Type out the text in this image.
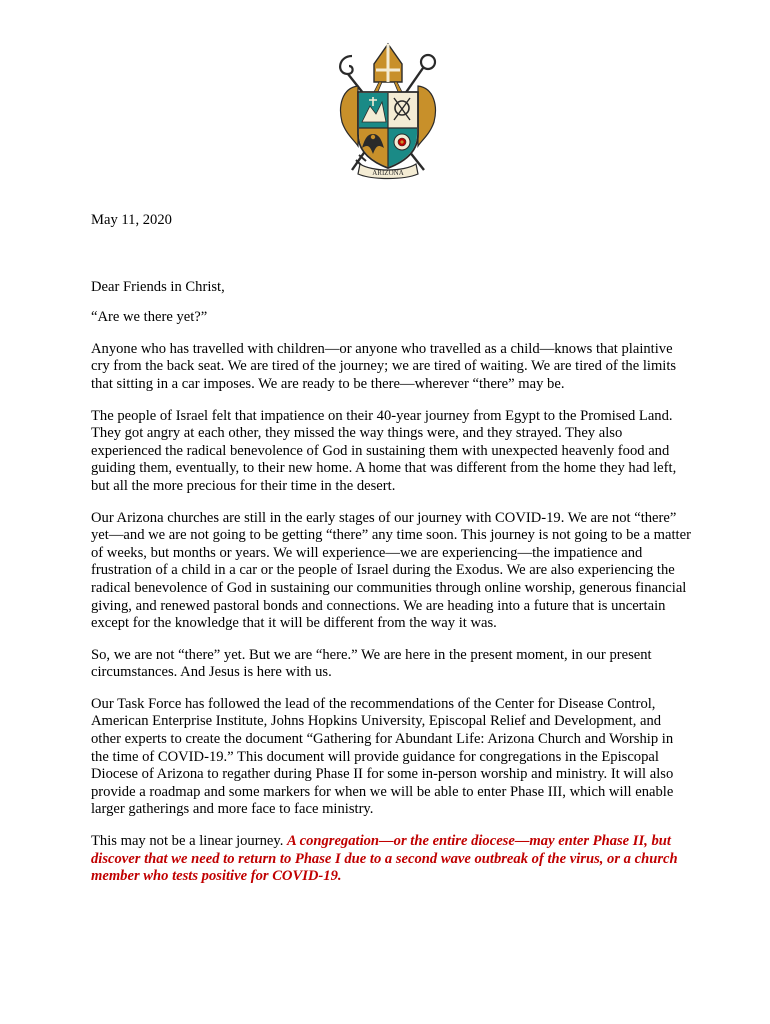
ARIZONA

May 11, 2020

Dear Friends in Christ,

“Are we there yet?”

Anyone who has travelled with children—or anyone who travelled as a child—knows that plaintive cry from the back seat. We are tired of the journey; we are tired of waiting. We are tired of the limits that sitting in a car imposes. We are ready to be there—wherever “there” may be.

The people of Israel felt that impatience on their 40-year journey from Egypt to the Promised Land. They got angry at each other, they missed the way things were, and they strayed. They also experienced the radical benevolence of God in sustaining them with unexpected heavenly food and guiding them, eventually, to their new home. A home that was different from the home they had left, but all the more precious for their time in the desert.

Our Arizona churches are still in the early stages of our journey with COVID-19. We are not “there” yet—and we are not going to be getting “there” any time soon. This journey is not going to be a matter of weeks, but months or years. We will experience—we are experiencing—the impatience and frustration of a child in a car or the people of Israel during the Exodus. We are also experiencing the radical benevolence of God in sustaining our communities through online worship, generous financial giving, and renewed pastoral bonds and connections. We are heading into a future that is uncertain except for the knowledge that it will be different from the way it was.

So, we are not “there” yet. But we are “here.” We are here in the present moment, in our present circumstances. And Jesus is here with us.

Our Task Force has followed the lead of the recommendations of the Center for Disease Control, American Enterprise Institute, Johns Hopkins University, Episcopal Relief and Development, and other experts to create the document “Gathering for Abundant Life: Arizona Church and Worship in the time of COVID-19.” This document will provide guidance for congregations in the Episcopal Diocese of Arizona to regather during Phase II for some in-person worship and ministry. It will also provide a roadmap and some markers for when we will be able to enter Phase III, which will enable larger gatherings and more face to face ministry.

This may not be a linear journey. A congregation—or the entire diocese—may enter Phase II, but discover that we need to return to Phase I due to a second wave outbreak of the virus, or a church member who tests positive for COVID-19.
